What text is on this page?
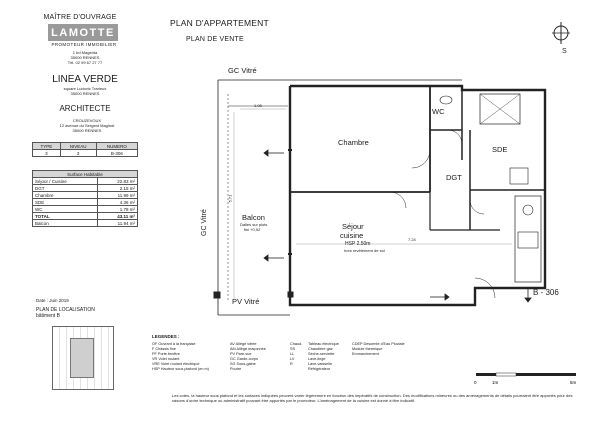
MAÎTRE D'OUVRAGE
LAMOTTE
PROMOTEUR IMMOBILIER
1 bd Magenta
35000 RENNES
Tél. 02 99 67 27 77
LINEA VERDE
square Ludovic Trarieux
35000 RENNES
ARCHITECTE
CROUZEVOUX
12 avenue du Sergent Maginot
35000 RENNES
TYPE	NIVEAU	NUMERO
3	3	B-306
Surface Habitable	
Séjour / Cuisine	22.83 m²
DGT	2.15 m²
Chambre	11.99 m²
SDE	4.36 m²
WC	1.78 m²
TOTAL	43.11 m²
Balcon	11.94 m²
Date : Juin 2019
PLAN DE LOCALISATION
bâtiment B
PLAN D'APPARTEMENT
PLAN DE VENTE
S
GC Vitré
GC Vitré
PV Vitré
Chambre
WC
SDE
DGT
Balcon
Dalles sur plots
fini +0,52	Séjour
cuisine
HSP 2.50m
hors revêtement de sol
1.08
5.71
7.24
B - 306
LEGENDES :
OF Ouvrant à la française
F Châssis fixe
PF Porte fenêtre
VR Volet roulant
VRE Volet roulant électrique
HSP Hauteur sous plafond (en m)
AV Allège vitrée
AM Allège maçonnée
PV Pare-vue
GC Garde-corps
SG Sous-gaine
Poutre
Chaud.
SS
LL
LV
R
Tableau électrique
Chaudière gaz
Sèche-serviette
Lave-linge
Lave-vaisselle
Réfrigérateur
CDEP Descente d'Eau Pluviale
Module thermique
Emmarchement
0	1m	5m
Les cotes, la hauteur sous plafond et les surfaces indiquées peuvent varier légèrement en fonction des impératifs de construction. Des modifications mineures ou des aménagements de détails pourraient être apportés pour des raisons d'ordre technique ou administratif pouvant être apportés par le promoteur. L'aménagement de la cuisine est donné à titre indicatif.
